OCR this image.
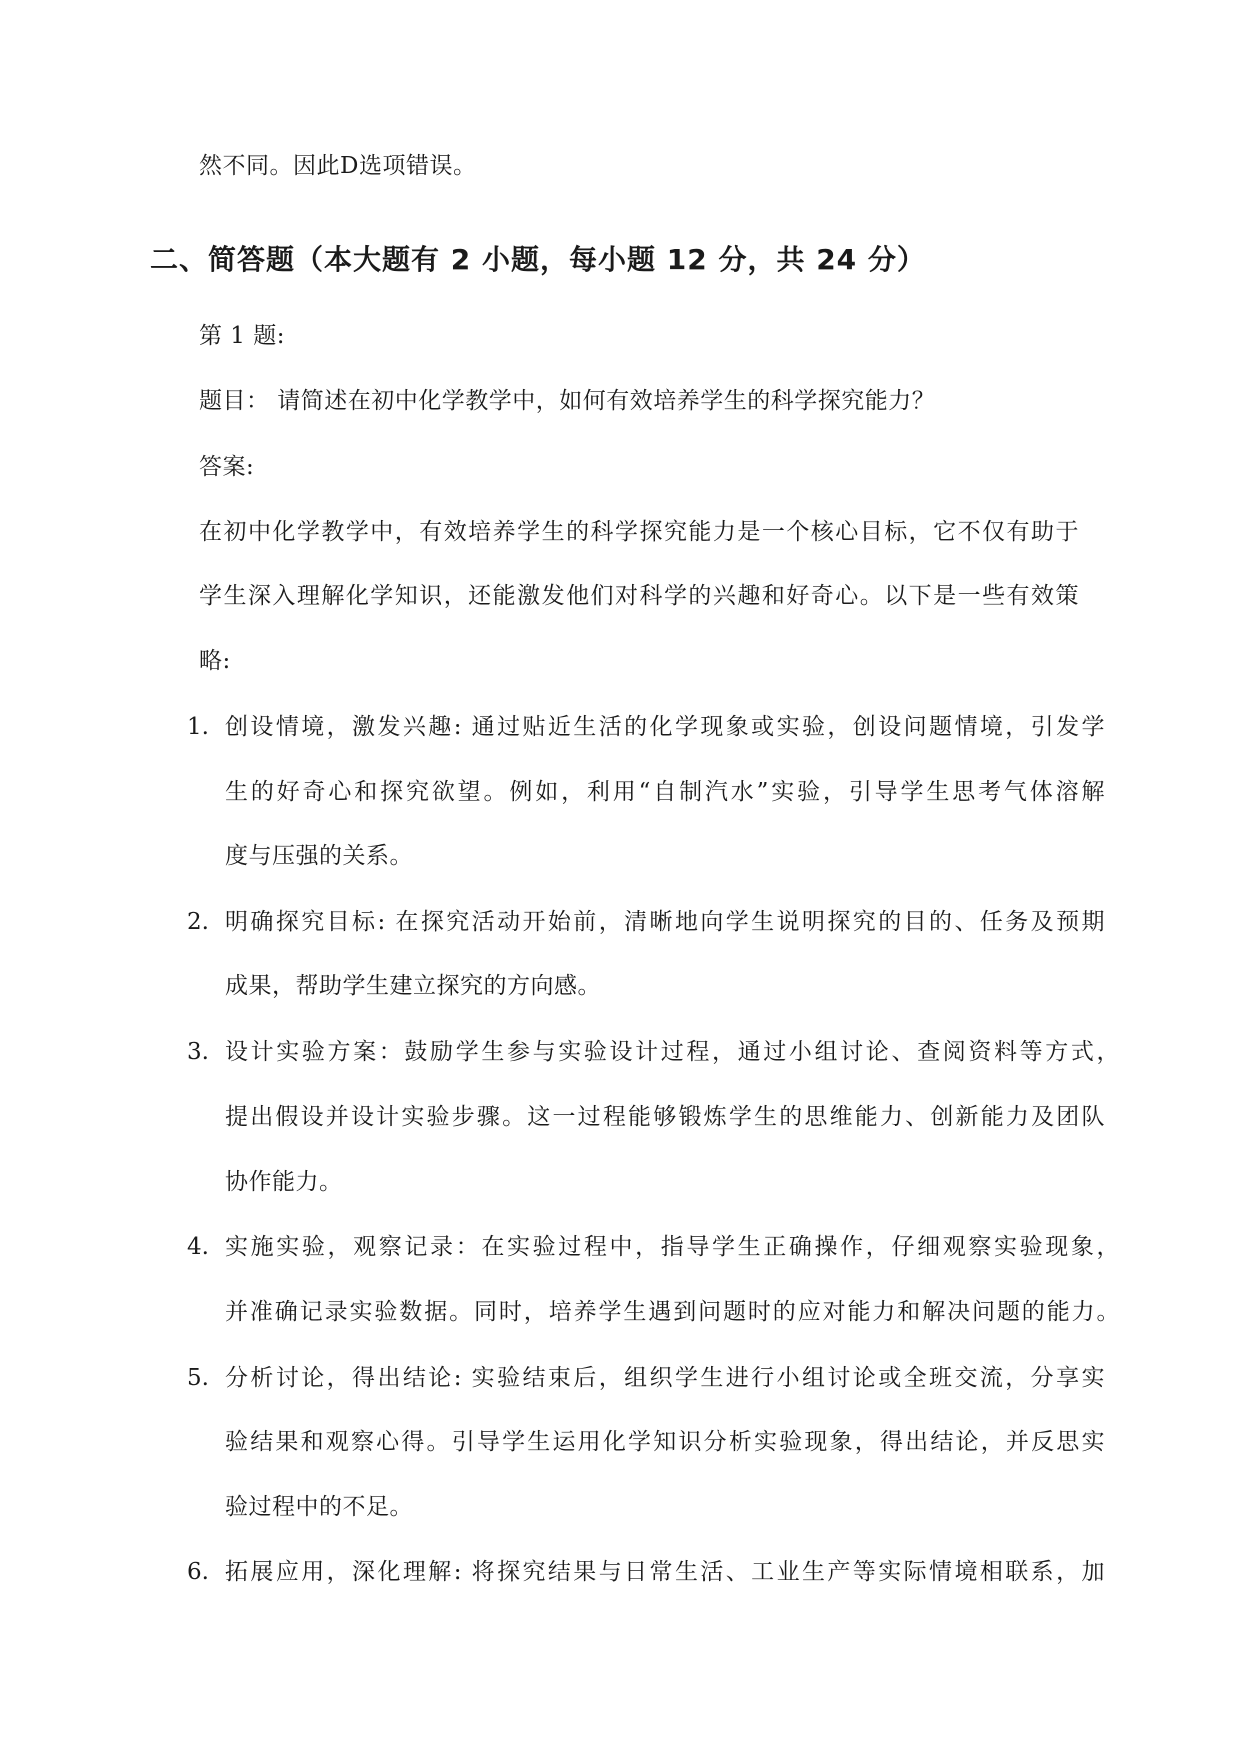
然不同。因此D选项错误。
二、简答题（本大题有 2 小题，每小题 12 分，共 24 分）
第 1 题:
题目： 请简述在初中化学教学中，如何有效培养学生的科学探究能力？
答案:
在初中化学教学中，有效培养学生的科学探究能力是一个核心目标，它不仅有助于
学生深入理解化学知识，还能激发他们对科学的兴趣和好奇心。以下是一些有效策
略:
1. 创设情境，激发兴趣: 通过贴近生活的化学现象或实验，创设问题情境，引发学
生的好奇心和探究欲望。例如，利用“自制汽水”实验，引导学生思考气体溶解
度与压强的关系。
2. 明确探究目标: 在探究活动开始前，清晰地向学生说明探究的目的、任务及预期
成果，帮助学生建立探究的方向感。
3. 设计实验方案：鼓励学生参与实验设计过程，通过小组讨论、查阅资料等方式，
提出假设并设计实验步骤。这一过程能够锻炼学生的思维能力、创新能力及团队
协作能力。
4. 实施实验，观察记录：在实验过程中，指导学生正确操作，仔细观察实验现象，
并准确记录实验数据。同时，培养学生遇到问题时的应对能力和解决问题的能力。
5. 分析讨论，得出结论: 实验结束后，组织学生进行小组讨论或全班交流，分享实
验结果和观察心得。引导学生运用化学知识分析实验现象，得出结论，并反思实
验过程中的不足。
6. 拓展应用，深化理解: 将探究结果与日常生活、工业生产等实际情境相联系，加
